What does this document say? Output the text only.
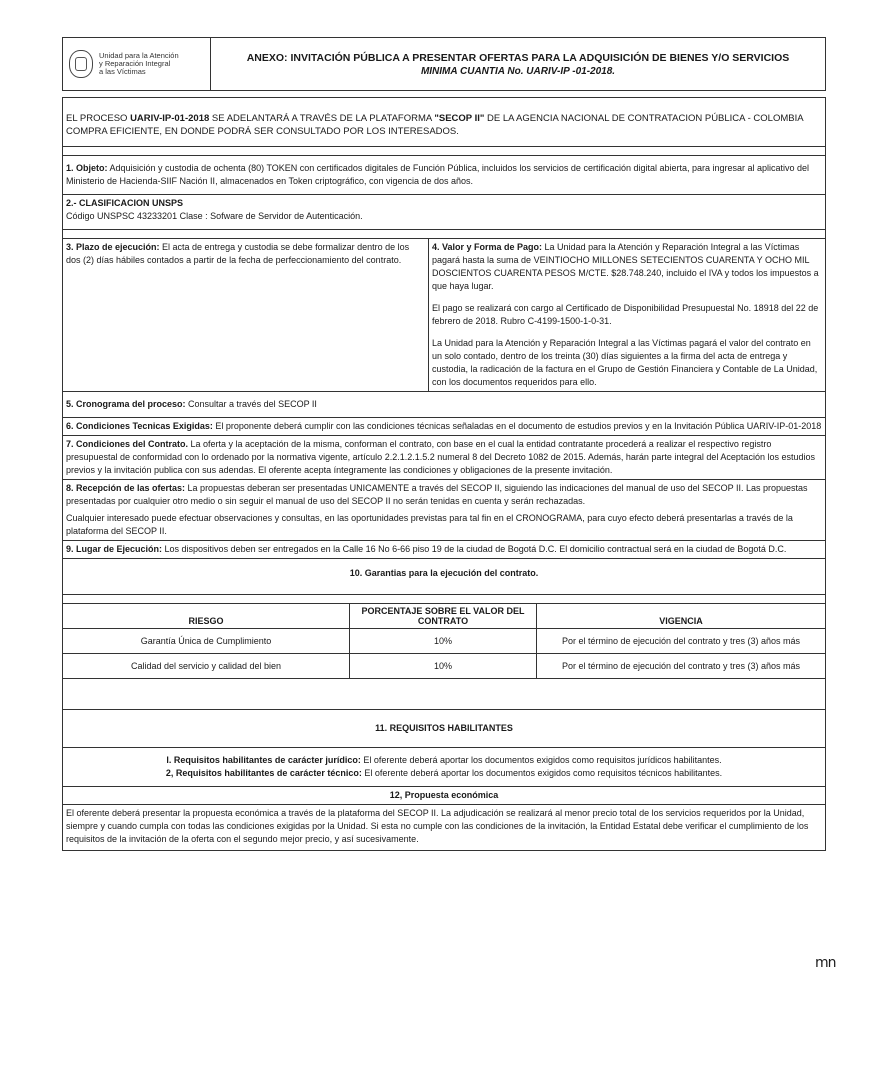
Unidad para la Atención
y Reparación Integral
a las Víctimas
ANEXO: INVITACIÓN PÚBLICA A PRESENTAR OFERTAS PARA LA ADQUISICIÓN DE BIENES Y/O SERVICIOS
MINIMA CUANTIA No. UARIV-IP -01-2018.
EL PROCESO UARIV-IP-01-2018 SE ADELANTARÁ A TRAVÉS DE LA PLATAFORMA "SECOP II" DE LA AGENCIA NACIONAL DE CONTRATACION PÚBLICA - COLOMBIA COMPRA EFICIENTE, EN DONDE PODRÁ SER CONSULTADO POR LOS INTERESADOS.
1. Objeto: Adquisición y custodia de ochenta (80) TOKEN con certificados digitales de Función Pública, incluidos los servicios de certificación digital abierta, para ingresar al aplicativo del Ministerio de Hacienda-SIIF Nación II, almacenados en Token criptográfico, con vigencia de dos años.
2.- CLASIFICACION UNSPS
Código UNSPSC 43233201 Clase : Sofware de Servidor de Autenticación.
3. Plazo de ejecución: El acta de entrega y custodia se debe formalizar dentro de los dos (2) días hábiles contados a partir de la fecha de perfeccionamiento del contrato.

4. Valor y Forma de Pago: La Unidad para la Atención y Reparación Integral a las Víctimas pagará hasta la suma de VEINTIOCHO MILLONES SETECIENTOS CUARENTA Y OCHO MIL DOSCIENTOS CUARENTA PESOS M/CTE. $28.748.240, incluido el IVA y todos los impuestos a que haya lugar.

El pago se realizará con cargo al Certificado de Disponibilidad Presupuestal No. 18918 del 22 de febrero de 2018. Rubro C-4199-1500-1-0-31.

La Unidad para la Atención y Reparación Integral a las Víctimas pagará el valor del contrato en un solo contado, dentro de los treinta (30) días siguientes a la firma del acta de entrega y custodia, la radicación de la factura en el Grupo de Gestión Financiera y Contable de La Unidad, con los documentos requeridos para ello.

5. Cronograma del proceso: Consultar a través del SECOP II
6. Condiciones Tecnicas Exigidas: El proponente deberá cumplir con las condiciones técnicas señaladas en el documento de estudios previos y en la Invitación Pública UARIV-IP-01-2018
7. Condiciones del Contrato. La oferta y la aceptación de la misma, conforman el contrato, con base en el cual la entidad contratante procederá a realizar el respectivo registro presupuestal de conformidad con lo ordenado por la normativa vigente, artículo 2.2.1.2.1.5.2 numeral 8 del Decreto 1082 de 2015. Además, harán parte integral del Aceptación los estudios previos y la invitación publica con sus adendas. El oferente acepta íntegramente las condiciones y obligaciones de la presente invitación.
8. Recepción de las ofertas: La propuestas deberan ser presentadas UNICAMENTE a través del SECOP II, siguiendo las indicaciones del manual de uso del SECOP II. Las propuestas presentadas por cualquier otro medio o sin seguir el manual de uso del SECOP II no serán tenidas en cuenta y serán rechazadas.
Cualquier interesado puede efectuar observaciones y consultas, en las oportunidades previstas para tal fin en el CRONOGRAMA, para cuyo efecto deberá presentarlas a través de la plataforma del SECOP II.
9. Lugar de Ejecución: Los dispositivos deben ser entregados en la Calle 16 No 6-66 piso 19 de la ciudad de Bogotá D.C. El domicilio contractual será en la ciudad de Bogotá D.C.
10. Garantias para la ejecución del contrato.
RIESGO	PORCENTAJE SOBRE EL VALOR DEL CONTRATO	VIGENCIA
Garantía Única de Cumplimiento	10%	Por el término de ejecución del contrato y tres (3) años más
Calidad del servicio y calidad del bien	10%	Por el término de ejecución del contrato y tres (3) años más
11. REQUISITOS HABILITANTES
l. Requisitos habilitantes de carácter jurídico: El oferente deberá aportar los documentos exigidos como requisitos jurídicos habilitantes.
2, Requisitos habilitantes de carácter técnico: El oferente deberá aportar los documentos exigidos como requisitos técnicos habilitantes.
12, Propuesta económica
El oferente deberá presentar la propuesta económica a través de la plataforma del SECOP II. La adjudicación se realizará al menor precio total de los servicios requeridos por la Unidad, siempre y cuando cumpla con todas las condiciones exigidas por la Unidad. Si esta no cumple con las condiciones de la invitación, la Entidad Estatal debe verificar el cumplimiento de los requisitos de la invitación de la oferta con el segundo mejor precio, y así sucesivamente.
mn
